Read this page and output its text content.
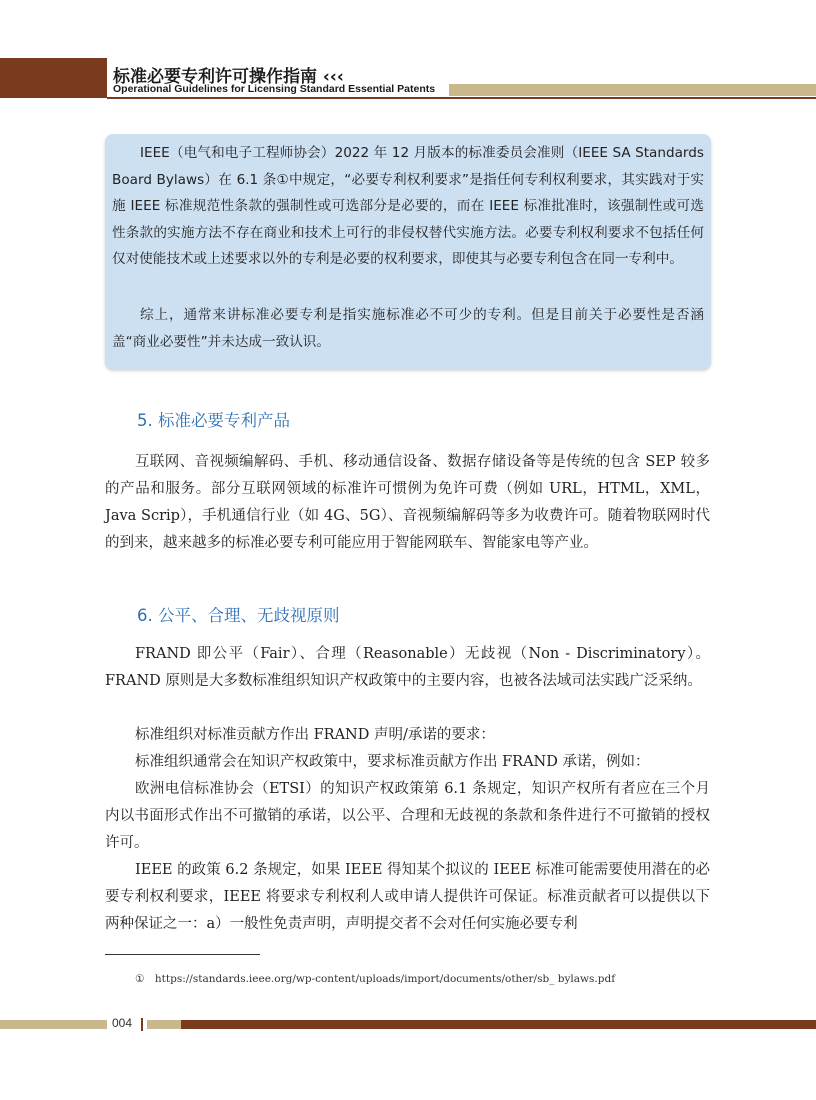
标准必要专利许可操作指南 ‹‹‹
Operational Guidelines for Licensing Standard Essential Patents

IEEE（电气和电子工程师协会）2022 年 12 月版本的标准委员会准则（IEEE SA Standards Board Bylaws）在 6.1 条①中规定，“必要专利权利要求”是指任何专利权利要求，其实践对于实施 IEEE 标准规范性条款的强制性或可选部分是必要的，而在 IEEE 标准批准时，该强制性或可选性条款的实施方法不存在商业和技术上可行的非侵权替代实施方法。必要专利权利要求不包括任何仅对使能技术或上述要求以外的专利是必要的权利要求，即使其与必要专利包含在同一专利中。

综上，通常来讲标准必要专利是指实施标准必不可少的专利。但是目前关于必要性是否涵盖“商业必要性”并未达成一致认识。

5. 标准必要专利产品

互联网、音视频编解码、手机、移动通信设备、数据存储设备等是传统的包含 SEP 较多的产品和服务。部分互联网领域的标准许可惯例为免许可费（例如 URL，HTML，XML，Java Scrip），手机通信行业（如 4G、5G）、音视频编解码等多为收费许可。随着物联网时代的到来，越来越多的标准必要专利可能应用于智能网联车、智能家电等产业。

6. 公平、合理、无歧视原则

FRAND 即公平（Fair）、合理（Reasonable）无歧视（Non - Discriminatory）。FRAND 原则是大多数标准组织知识产权政策中的主要内容，也被各法域司法实践广泛采纳。

标准组织对标准贡献方作出 FRAND 声明/承诺的要求：

标准组织通常会在知识产权政策中，要求标准贡献方作出 FRAND 承诺，例如：

欧洲电信标准协会（ETSI）的知识产权政策第 6.1 条规定，知识产权所有者应在三个月内以书面形式作出不可撤销的承诺，以公平、合理和无歧视的条款和条件进行不可撤销的授权许可。

IEEE 的政策 6.2 条规定，如果 IEEE 得知某个拟议的 IEEE 标准可能需要使用潜在的必要专利权利要求，IEEE 将要求专利权利人或申请人提供许可保证。标准贡献者可以提供以下两种保证之一：a）一般性免责声明，声明提交者不会对任何实施必要专利

①　https://standards.ieee.org/wp-content/uploads/import/documents/other/sb_ bylaws.pdf
004
